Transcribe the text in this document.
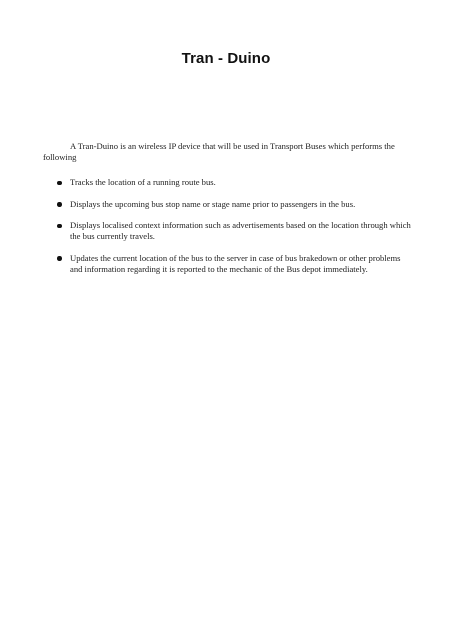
Tran - Duino

A Tran-Duino is an wireless IP device that will be used in Transport Buses which performs the following

Tracks the location of a running route bus.
Displays the upcoming bus stop name or stage name prior to passengers in the bus.
Displays localised context information such as advertisements based on the location through which the bus currently travels.
Updates the current location of the bus to the server in case of bus brakedown or other problems and information regarding it is reported to the mechanic of the Bus depot immediately.
